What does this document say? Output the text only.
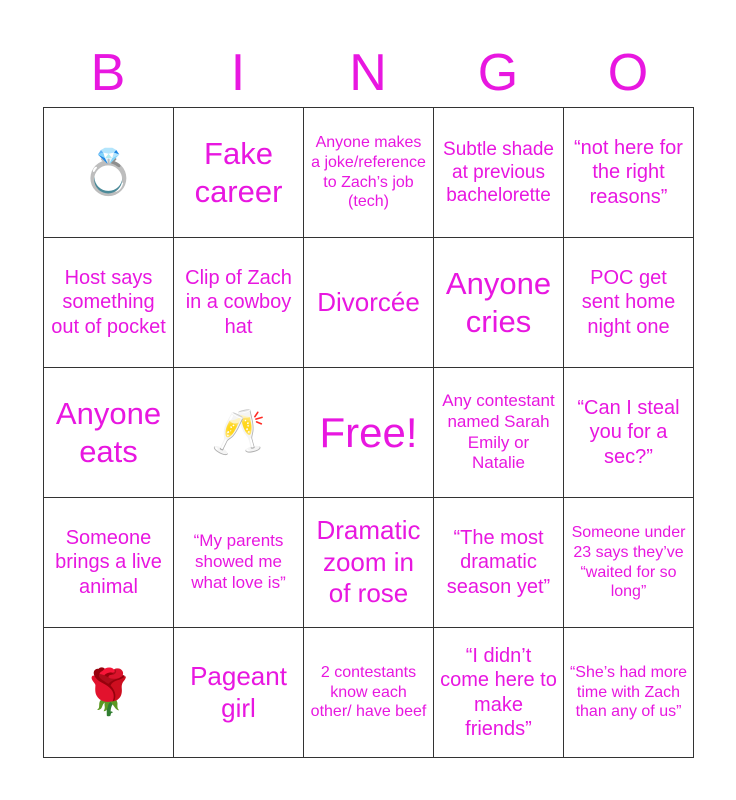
B	I	N	G	O
💍	Fake career	Anyone makes a joke/reference to Zach’s job (tech)	Subtle shade at previous bachelorette	“not here for the right reasons”
Host says something out of pocket	Clip of Zach in a cowboy hat	Divorcée	Anyone cries	POC get sent home night one
Anyone eats	🥂	Free!	Any contestant named Sarah Emily or Natalie	“Can I steal you for a sec?”
Someone brings a live animal	“My parents showed me what love is”	Dramatic zoom in of rose	“The most dramatic season yet”	Someone under 23 says they’ve “waited for so long”
🌹	Pageant girl	2 contestants know each other/ have beef	“I didn’t come here to make friends”	“She’s had more time with Zach than any of us”
